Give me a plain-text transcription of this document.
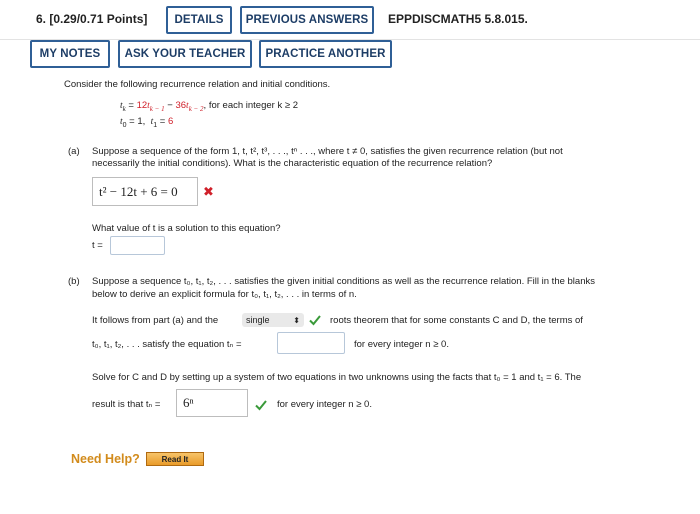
6. [0.29/0.71 Points]	DETAILS	PREVIOUS ANSWERS	EPPDISCMATH5 5.8.015.
MY NOTES	ASK YOUR TEACHER	PRACTICE ANOTHER
Consider the following recurrence relation and initial conditions.
$t_k = 12t_{k - 1} - 36t_{k - 2}$, for each integer k ≥ 2
$t_0 = 1$,  $t_1 = 6$
(a) Suppose a sequence of the form 1, t, t², t³, . . ., tⁿ . . ., where t ≠ 0, satisfies the given recurrence relation (but not
necessarily the initial conditions). What is the characteristic equation of the recurrence relation?
t² − 12t + 6 = 0 ✖
What value of t is a solution to this equation?
t =
(b) Suppose a sequence t₀, t₁, t₂, . . . satisfies the given initial conditions as well as the recurrence relation. Fill in the blanks
below to derive an explicit formula for t₀, t₁, t₂, . . . in terms of n.
It follows from part (a) and the	single	⬍	roots theorem that for some constants C and D, the terms of
t₀, t₁, t₂, . . . satisfy the equation tₙ =	for every integer n ≥ 0.
Solve for C and D by setting up a system of two equations in two unknowns using the facts that t₀ = 1 and t₁ = 6. The
result is that tₙ = 6ⁿ	for every integer n ≥ 0.
Need Help?	Read It
